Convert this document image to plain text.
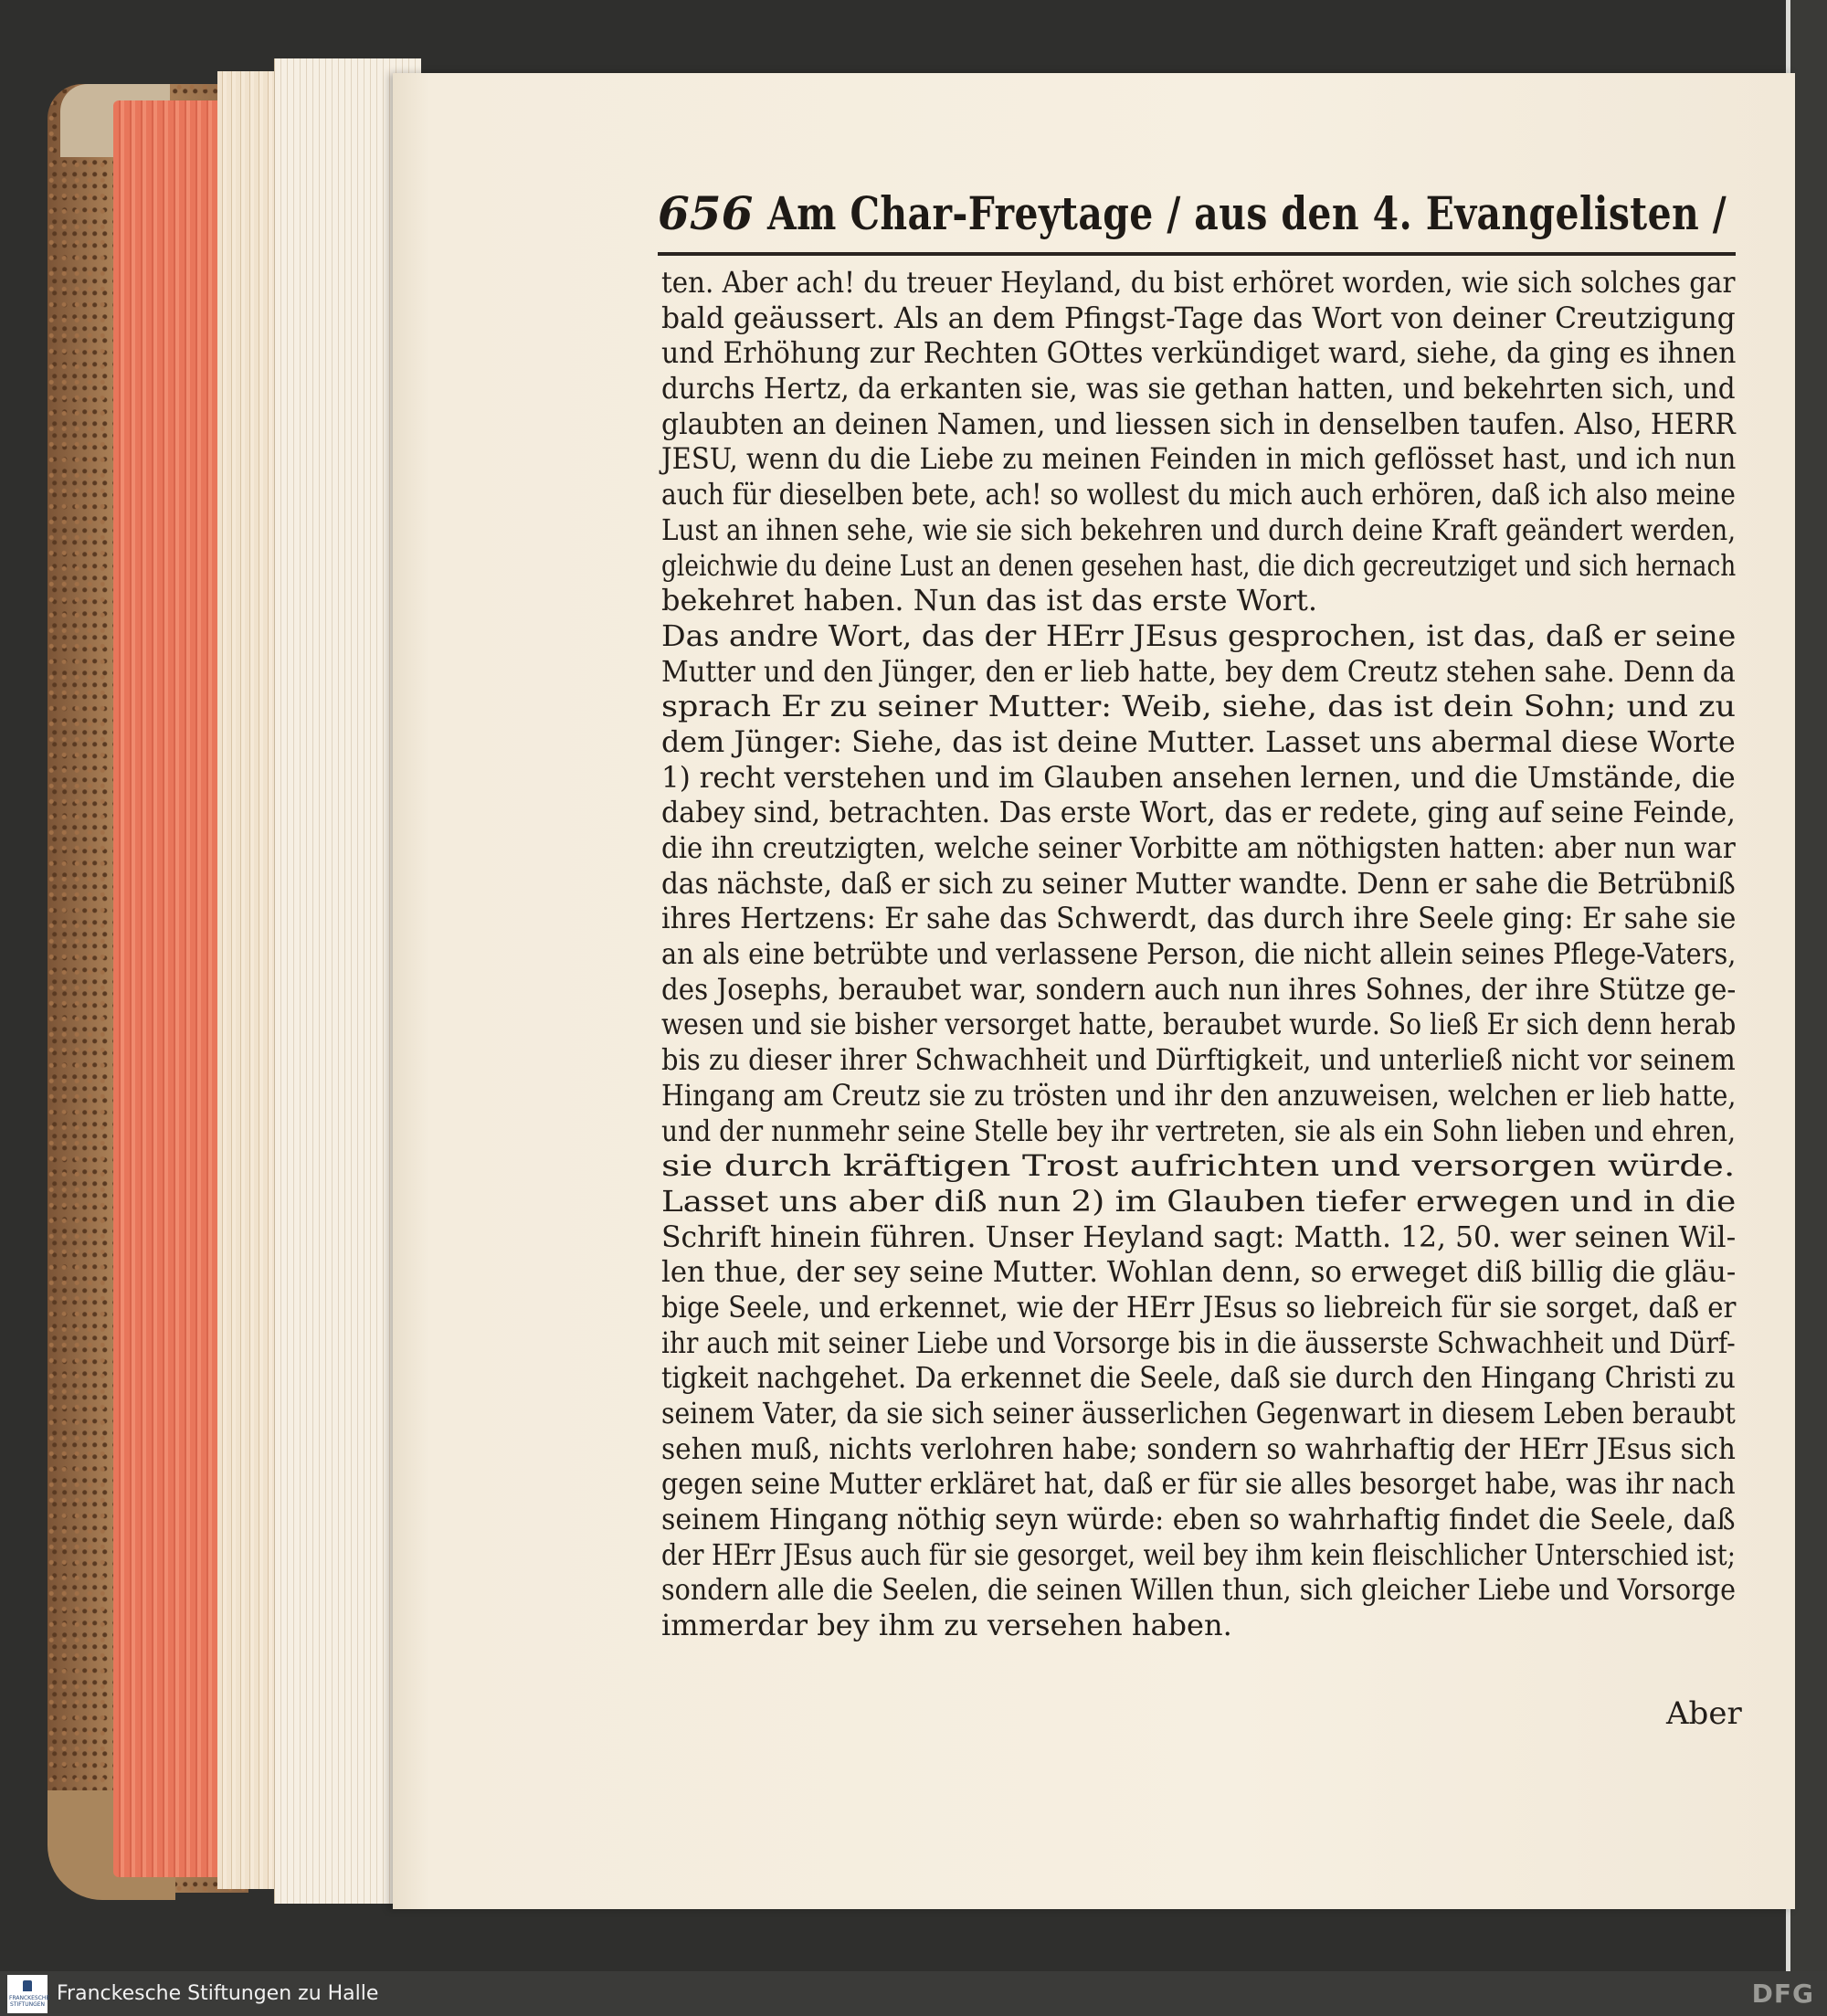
656 Am Char-Freytage / aus den 4. Evangelisten /
ten. Aber ach! du treuer Heyland, du bist erhöret worden, wie sich solches gar
bald geäussert. Als an dem Pfingst-Tage das Wort von deiner Creutzigung
und Erhöhung zur Rechten GOttes verkündiget ward, siehe, da ging es ihnen
durchs Hertz, da erkanten sie, was sie gethan hatten, und bekehrten sich, und
glaubten an deinen Namen, und liessen sich in denselben taufen. Also, HERR
JESU, wenn du die Liebe zu meinen Feinden in mich geflösset hast, und ich nun
auch für dieselben bete, ach! so wollest du mich auch erhören, daß ich also meine
Lust an ihnen sehe, wie sie sich bekehren und durch deine Kraft geändert werden,
gleichwie du deine Lust an denen gesehen hast, die dich gecreutziget und sich hernach
bekehret haben. Nun das ist das erste Wort.
Das andre Wort, das der HErr JEsus gesprochen, ist das, daß er seine
Mutter und den Jünger, den er lieb hatte, bey dem Creutz stehen sahe. Denn da
sprach Er zu seiner Mutter: Weib, siehe, das ist dein Sohn; und zu
dem Jünger: Siehe, das ist deine Mutter. Lasset uns abermal diese Worte
1) recht verstehen und im Glauben ansehen lernen, und die Umstände, die
dabey sind, betrachten. Das erste Wort, das er redete, ging auf seine Feinde,
die ihn creutzigten, welche seiner Vorbitte am nöthigsten hatten: aber nun war
das nächste, daß er sich zu seiner Mutter wandte. Denn er sahe die Betrübniß
ihres Hertzens: Er sahe das Schwerdt, das durch ihre Seele ging: Er sahe sie
an als eine betrübte und verlassene Person, die nicht allein seines Pflege-Vaters,
des Josephs, beraubet war, sondern auch nun ihres Sohnes, der ihre Stütze ge-
wesen und sie bisher versorget hatte, beraubet wurde. So ließ Er sich denn herab
bis zu dieser ihrer Schwachheit und Dürftigkeit, und unterließ nicht vor seinem
Hingang am Creutz sie zu trösten und ihr den anzuweisen, welchen er lieb hatte,
und der nunmehr seine Stelle bey ihr vertreten, sie als ein Sohn lieben und ehren,
sie durch kräftigen Trost aufrichten und versorgen würde.
Lasset uns aber diß nun 2) im Glauben tiefer erwegen und in die
Schrift hinein führen. Unser Heyland sagt: Matth. 12, 50. wer seinen Wil-
len thue, der sey seine Mutter. Wohlan denn, so erweget diß billig die gläu-
bige Seele, und erkennet, wie der HErr JEsus so liebreich für sie sorget, daß er
ihr auch mit seiner Liebe und Vorsorge bis in die äusserste Schwachheit und Dürf-
tigkeit nachgehet. Da erkennet die Seele, daß sie durch den Hingang Christi zu
seinem Vater, da sie sich seiner äusserlichen Gegenwart in diesem Leben beraubt
sehen muß, nichts verlohren habe; sondern so wahrhaftig der HErr JEsus sich
gegen seine Mutter erkläret hat, daß er für sie alles besorget habe, was ihr nach
seinem Hingang nöthig seyn würde: eben so wahrhaftig findet die Seele, daß
der HErr JEsus auch für sie gesorget, weil bey ihm kein fleischlicher Unterschied ist;
sondern alle die Seelen, die seinen Willen thun, sich gleicher Liebe und Vorsorge
immerdar bey ihm zu versehen haben.
Aber
FRANCKESCHE STIFTUNGEN Franckesche Stiftungen zu Halle	DFG
